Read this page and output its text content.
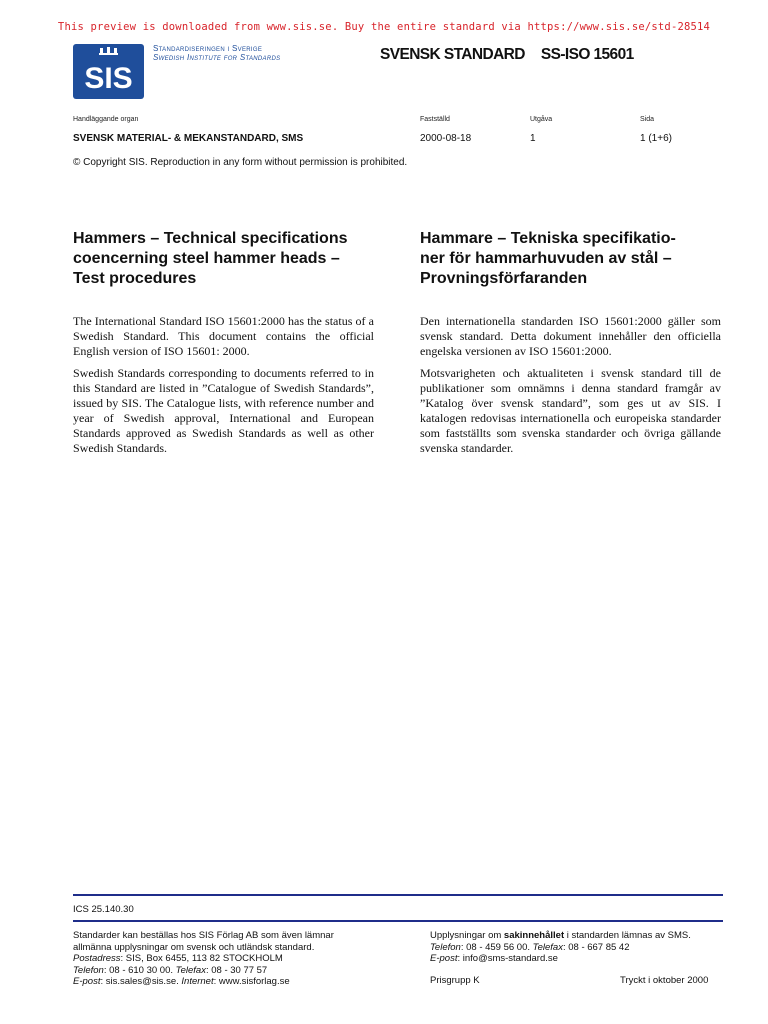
This preview is downloaded from www.sis.se. Buy the entire standard via https://www.sis.se/std-28514
SIS
Standardiseringen i Sverige
Swedish Institute for Standards	SVENSK STANDARD SS-ISO 15601
Handläggande organ
SVENSK MATERIAL- & MEKANSTANDARD, SMS
Fastställd
2000-08-18
Utgåva
1
Sida
1 (1+6)
© Copyright SIS. Reproduction in any form without permission is prohibited.
Hammers – Technical specifications
coencerning steel hammer heads –
Test procedures
Hammare – Tekniska specifikatio-
ner för hammarhuvuden av stål –
Provningsförfaranden

The International Standard ISO 15601:2000 has the status of a Swedish Standard. This document contains the official English version of ISO 15601: 2000.

Swedish Standards corresponding to documents referred to in this Standard are listed in ”Catalogue of Swedish Standards”, issued by SIS. The Catalogue lists, with reference number and year of Swedish approval, International and European Standards approved as Swedish Standards as well as other Swedish Standards.

Den internationella standarden ISO 15601:2000 gäller som svensk standard. Detta dokument innehåller den officiella engelska versionen av ISO 15601:2000.

Motsvarigheten och aktualiteten i svensk standard till de publikationer som omnämns i denna standard framgår av ”Katalog över svensk standard”, som ges ut av SIS. I katalogen redovisas internationella och europeiska standarder som fastställts som svenska standarder och övriga gällande svenska standarder.

ICS 25.140.30
Standarder kan beställas hos SIS Förlag AB som även lämnar
allmänna upplysningar om svensk och utländsk standard.
Postadress: SIS, Box 6455, 113 82 STOCKHOLM
Telefon: 08 - 610 30 00. Telefax: 08 - 30 77 57
E-post: sis.sales@sis.se. Internet: www.sisforlag.se
Upplysningar om sakinnehållet i standarden lämnas av SMS.
Telefon: 08 - 459 56 00. Telefax: 08 - 667 85 42
E-post: info@sms-standard.se
Prisgrupp K	Tryckt i oktober 2000
